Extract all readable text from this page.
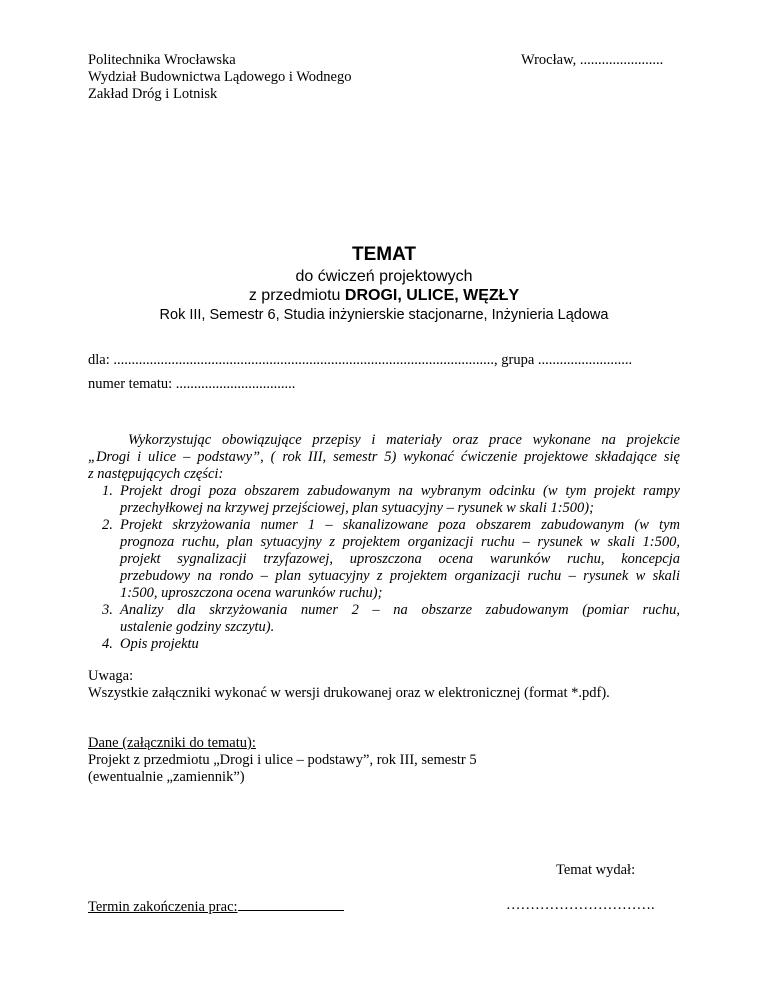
Politechnika Wrocławska
Wydział Budownictwa Lądowego i Wodnego
Zakład Dróg i Lotnisk
Wrocław, .......................
TEMAT
do ćwiczeń projektowych
z przedmiotu DROGI, ULICE, WĘZŁY
Rok III, Semestr 6, Studia inżynierskie stacjonarne, Inżynieria Lądowa
dla: ........................................................................................................., grupa ..........................
numer tematu: .................................
Wykorzystując obowiązujące przepisy i materiały oraz prace wykonane na projekcie
„Drogi i ulice – podstawy”, ( rok III, semestr 5) wykonać ćwiczenie projektowe składające się
z następujących części:
1. Projekt drogi poza obszarem zabudowanym na wybranym odcinku (w tym projekt rampy
przechyłkowej na krzywej przejściowej, plan sytuacyjny – rysunek w skali 1:500);
2. Projekt skrzyżowania numer 1 – skanalizowane poza obszarem zabudowanym (w tym
prognoza ruchu, plan sytuacyjny z projektem organizacji ruchu – rysunek w skali 1:500,
projekt sygnalizacji trzyfazowej, uproszczona ocena warunków ruchu, koncepcja
przebudowy na rondo – plan sytuacyjny z projektem organizacji ruchu – rysunek w skali
1:500, uproszczona ocena warunków ruchu);
3. Analizy dla skrzyżowania numer 2 – na obszarze zabudowanym (pomiar ruchu,
ustalenie godziny szczytu).
4. Opis projektu
Uwaga:
Wszystkie załączniki wykonać w wersji drukowanej oraz w elektronicznej (format *.pdf).
Dane (załączniki do tematu):
Projekt z przedmiotu „Drogi i ulice – podstawy”, rok III, semestr 5
(ewentualnie „zamiennik”)
Temat wydał:
Termin zakończenia prac:	………………………….
